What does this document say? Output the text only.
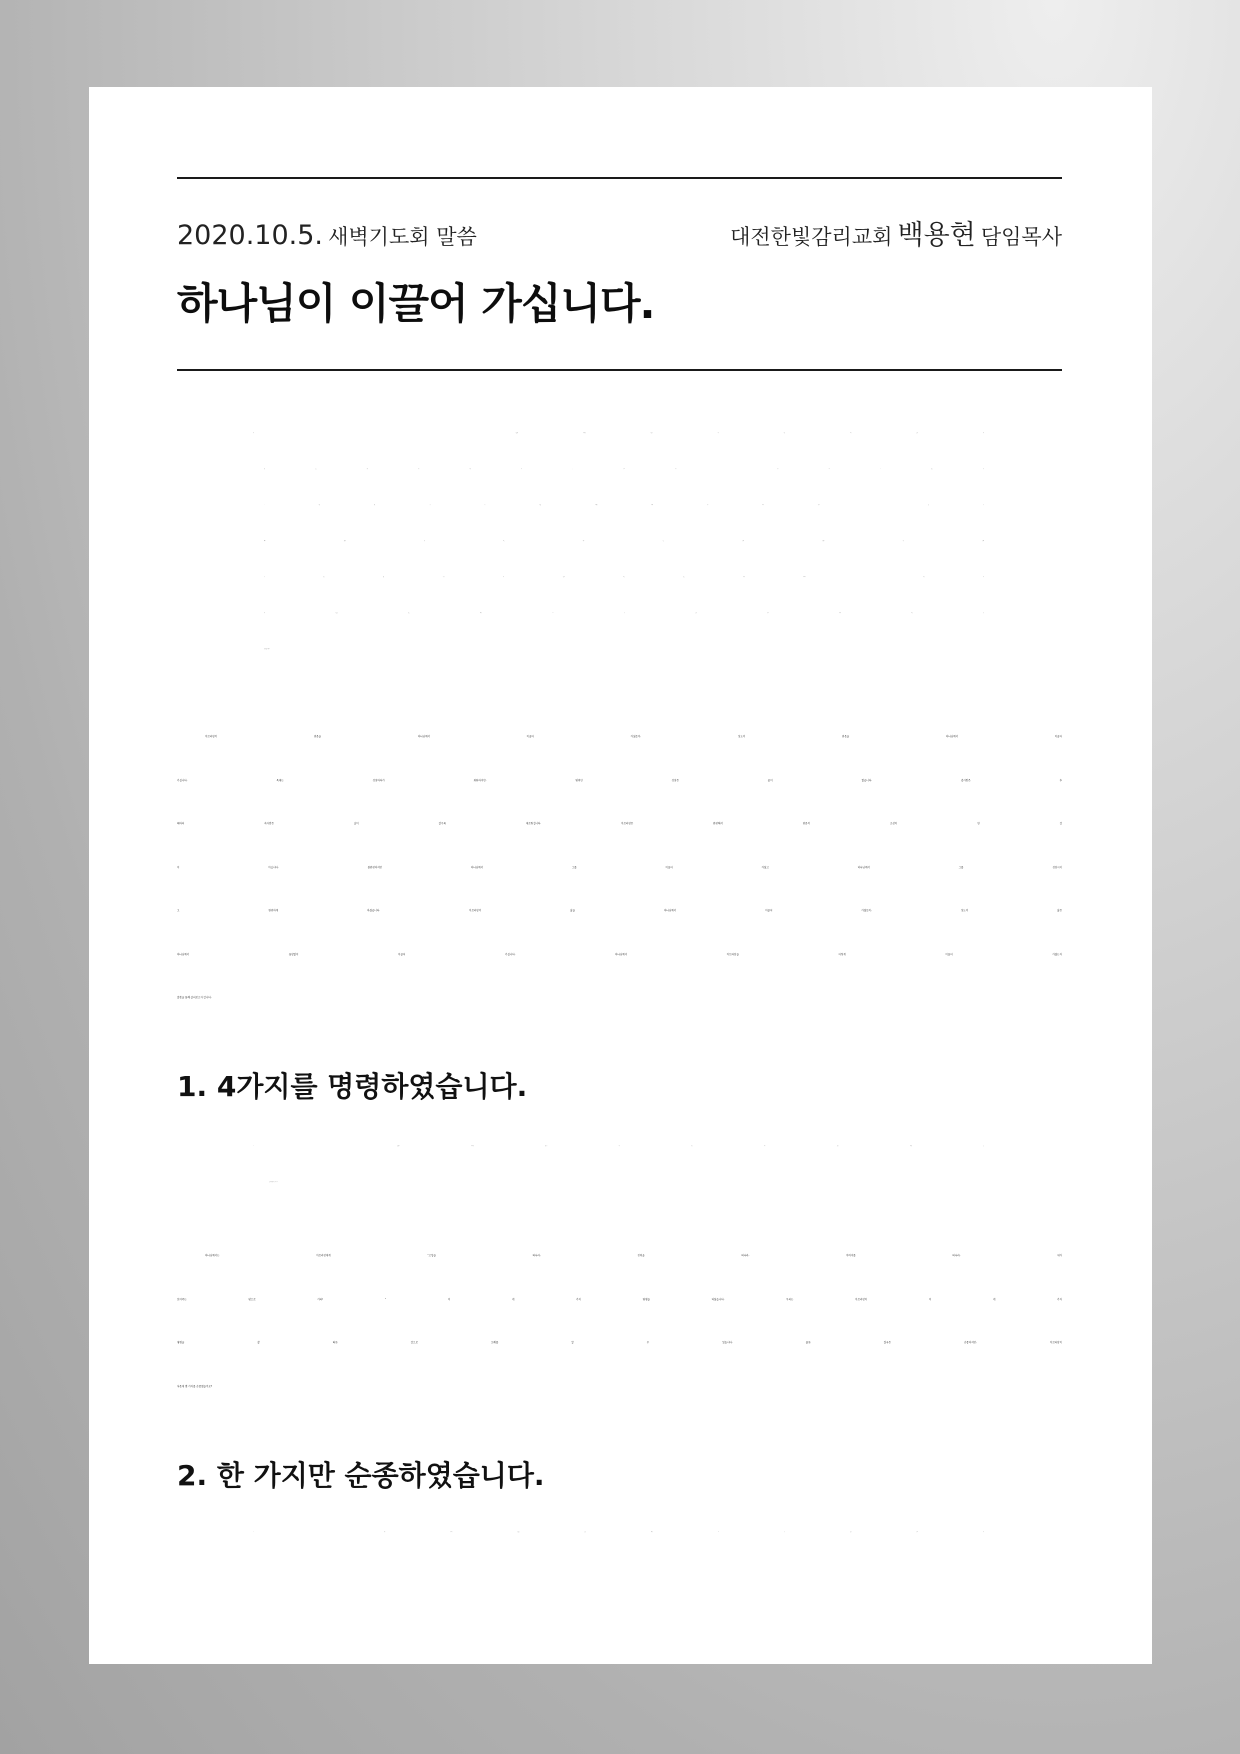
2020.10.5. 새벽기도회 말씀	대전한빛감리교회 백용현 담임목사
하나님이 이끌어 가십니다.
아브라함의 믿음을 하나님께서 이끌어 가셨듯이, 성도의 믿음을 하나님께서 이끌어
가십니다. 육체는 성장하다가 퇴화하지만, 영적인 성장은 끝이 없습니다. 겉사람은 후
패하되 속사람은 날이 갈수록 새로워집니다. 아브라함은 완전해서 믿음의 조상이 된 것
이 아닙니다. 불완전하지만 하나님께서 그를 이끌어 가셨고 하나님께서 그를 성장시키
고 완전하게 하셨습니다. 아브라함의 삶을 하나님께서 이끌어 가셨듯이, 성도의 삶은
하나님께서 끊임없이 이끌어 가십니다. 하나님께서 아브라함을 어떻게 이끌어 가셨는지
말씀을 통해 살펴보고자 합니다.
1. 4가지를 명령하였습니다.
하나님께서는 아브라함에게 “고향을 떠나라, 친척을 떠나라, 아버지를 떠나라, 내가
보여주는 땅으로 가라! ” 이 네 가지 명령을 하셨습니다. 우리는 아브라함이 이 네 가지
명령을 잘 따른 것으로 오해를 할 수 있습니다. 물론 결국은 순종하지만, 아브라함이
처음에 몇 가지를 순종했을까요?
2. 한 가지만 순종하였습니다.
